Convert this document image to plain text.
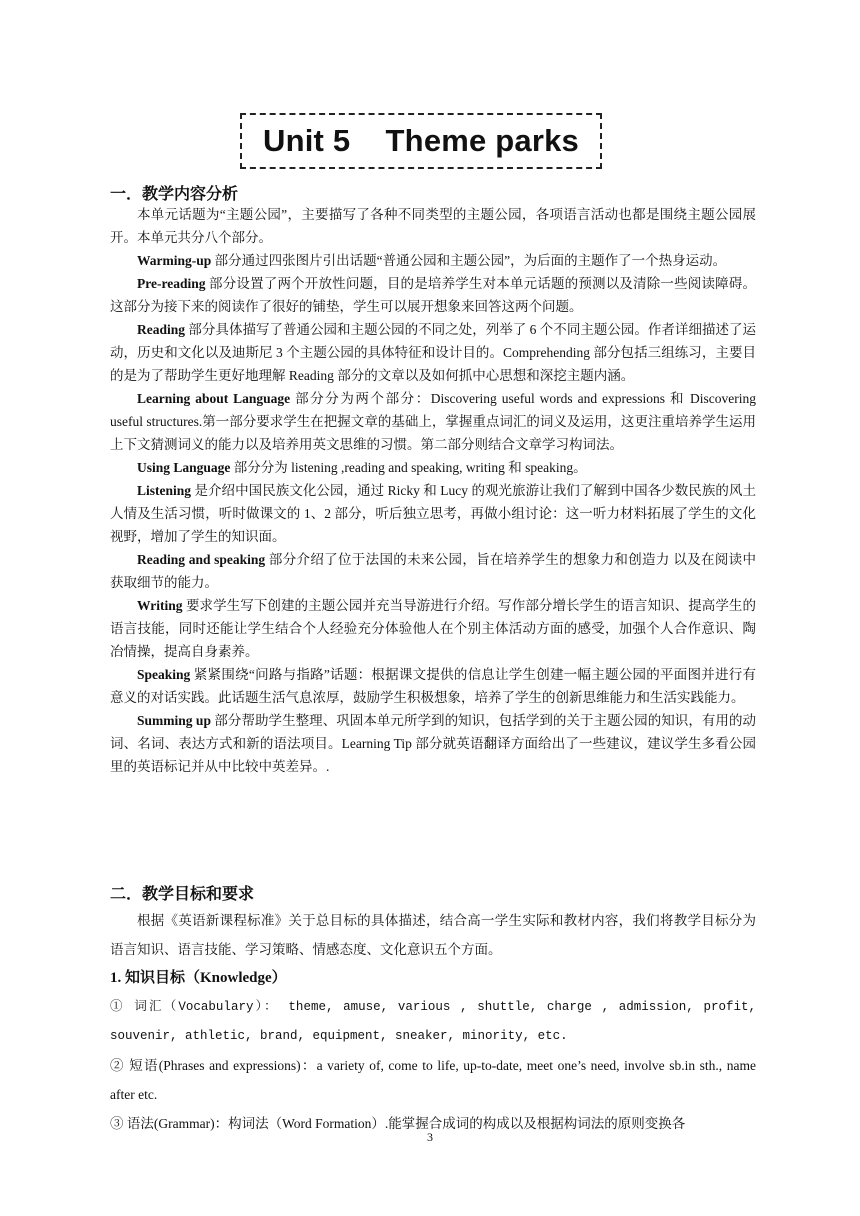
Unit 5    Theme parks
一．教学内容分析

本单元话题为“主题公园”，主要描写了各种不同类型的主题公园，各项语言活动也都是围绕主题公园展开。本单元共分八个部分。

Warming-up 部分通过四张图片引出话题“普通公园和主题公园”，为后面的主题作了一个热身运动。

Pre-reading 部分设置了两个开放性问题，目的是培养学生对本单元话题的预测以及清除一些阅读障碍。这部分为接下来的阅读作了很好的铺垫，学生可以展开想象来回答这两个问题。

Reading 部分具体描写了普通公园和主题公园的不同之处，列举了 6 个不同主题公园。作者详细描述了运动，历史和文化以及迪斯尼 3 个主题公园的具体特征和设计目的。Comprehending 部分包括三组练习，主要目的是为了帮助学生更好地理解 Reading 部分的文章以及如何抓中心思想和深挖主题内涵。

Learning about Language 部分分为两个部分：Discovering useful words and expressions 和 Discovering useful structures.第一部分要求学生在把握文章的基础上，掌握重点词汇的词义及运用，这更注重培养学生运用上下文猜测词义的能力以及培养用英文思维的习惯。第二部分则结合文章学习构词法。

Using Language 部分分为 listening ,reading and speaking, writing 和 speaking。

Listening 是介绍中国民族文化公园，通过 Ricky 和 Lucy 的观光旅游让我们了解到中国各少数民族的风土人情及生活习惯，听时做课文的 1、2 部分，听后独立思考，再做小组讨论：这一听力材料拓展了学生的文化视野，增加了学生的知识面。

Reading and speaking 部分介绍了位于法国的未来公园，旨在培养学生的想象力和创造力 以及在阅读中获取细节的能力。

Writing 要求学生写下创建的主题公园并充当导游进行介绍。写作部分增长学生的语言知识、提高学生的语言技能，同时还能让学生结合个人经验充分体验他人在个别主体活动方面的感受，加强个人合作意识、陶冶情操，提高自身素养。

Speaking 紧紧围绕“问路与指路”话题：根据课文提供的信息让学生创建一幅主题公园的平面图并进行有意义的对话实践。此话题生活气息浓厚，鼓励学生积极想象，培养了学生的创新思维能力和生活实践能力。

Summing up 部分帮助学生整理、巩固本单元所学到的知识，包括学到的关于主题公园的知识，有用的动词、名词、表达方式和新的语法项目。Learning Tip 部分就英语翻译方面给出了一些建议，建议学生多看公园里的英语标记并从中比较中英差异。.

二．教学目标和要求

根据《英语新课程标准》关于总目标的具体描述，结合高一学生实际和教材内容，我们将教学目标分为语言知识、语言技能、学习策略、情感态度、文化意识五个方面。

1. 知识目标（Knowledge）

① 词汇（Vocabulary）： theme, amuse, various , shuttle, charge , admission, profit, souvenir, athletic, brand, equipment, sneaker, minority, etc.

② 短语(Phrases and expressions)：a variety of, come to life, up-to-date, meet one’s need, involve sb.in sth., name after etc.

③ 语法(Grammar)：构词法（Word Formation）.能掌握合成词的构成以及根据构词法的原则变换各

3
